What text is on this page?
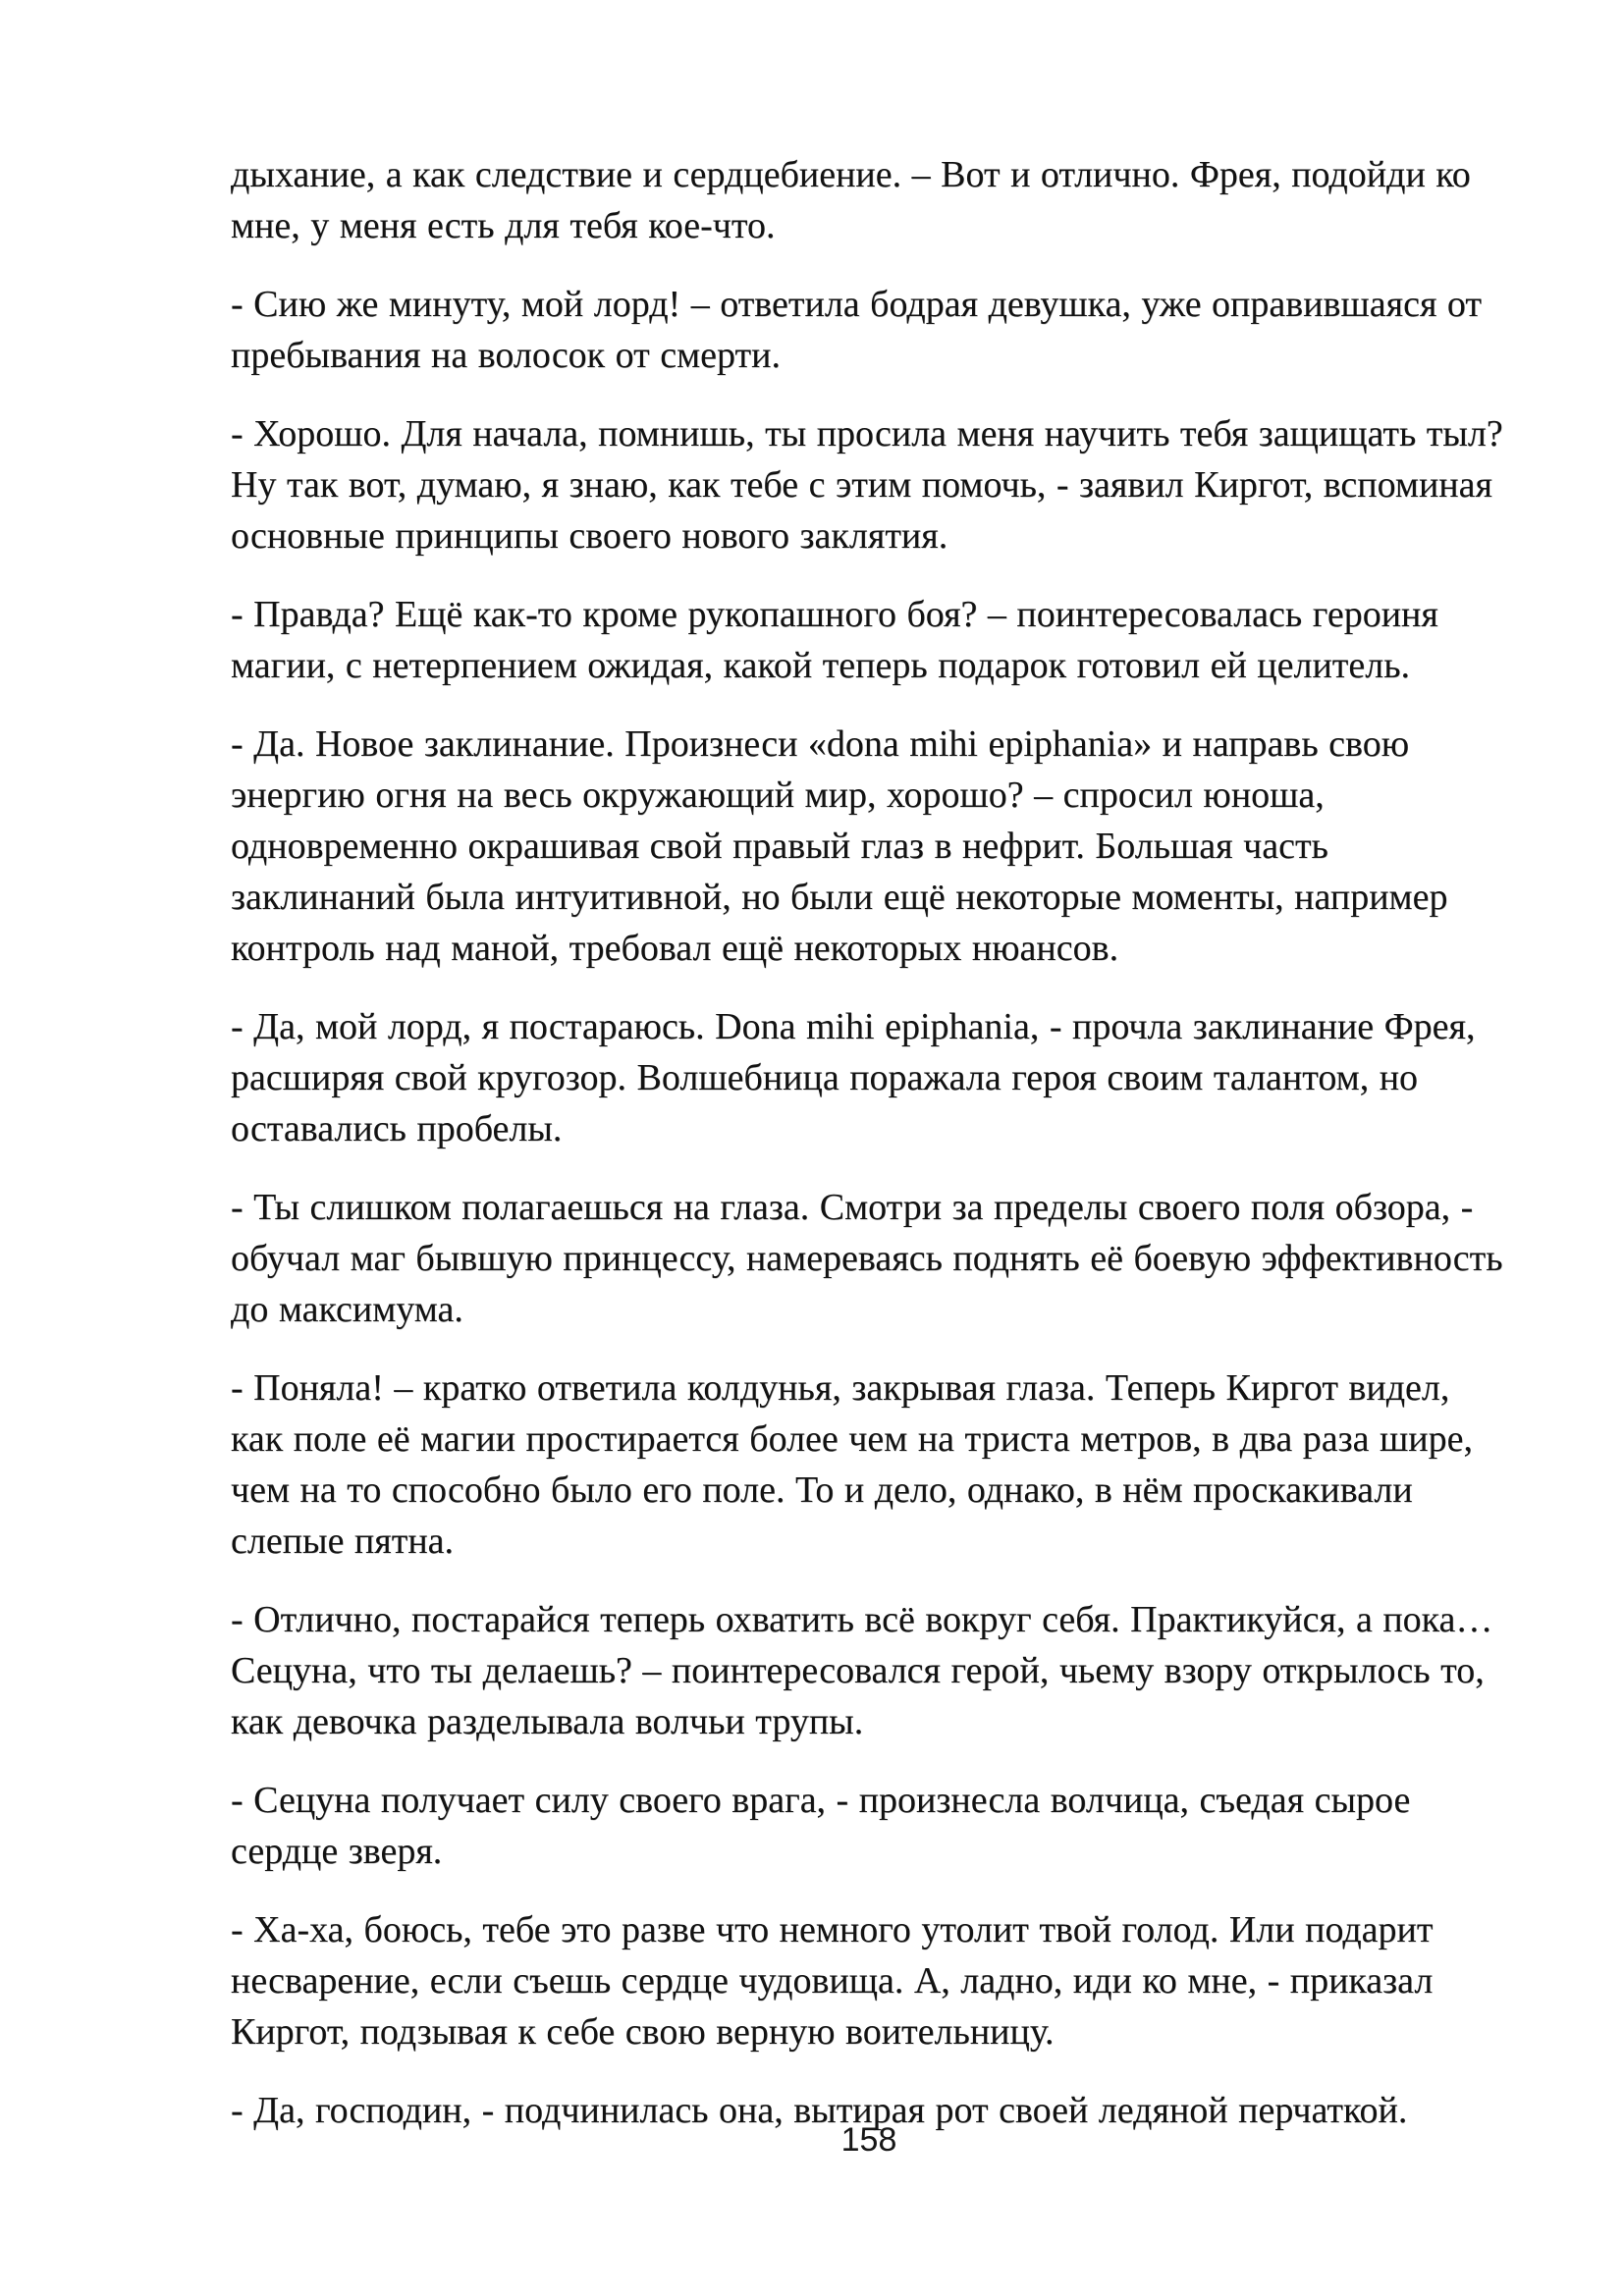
дыхание, а как следствие и сердцебиение. – Вот и отлично. Фрея, подойди ко мне, у меня есть для тебя кое-что.

- Сию же минуту, мой лорд! – ответила бодрая девушка, уже оправившаяся от пребывания на волосок от смерти.

- Хорошо. Для начала, помнишь, ты просила меня научить тебя защищать тыл? Ну так вот, думаю, я знаю, как тебе с этим помочь, - заявил Киргот, вспоминая основные принципы своего нового заклятия.

- Правда? Ещё как-то кроме рукопашного боя? – поинтересовалась героиня магии, с нетерпением ожидая, какой теперь подарок готовил ей целитель.

- Да. Новое заклинание. Произнеси «dona mihi epiphania» и направь свою энергию огня на весь окружающий мир, хорошо? – спросил юноша, одновременно окрашивая свой правый глаз в нефрит. Большая часть заклинаний была интуитивной, но были ещё некоторые моменты, например контроль над маной, требовал ещё некоторых нюансов.

- Да, мой лорд, я постараюсь. Dona mihi epiphania, - прочла заклинание Фрея, расширяя свой кругозор. Волшебница поражала героя своим талантом, но оставались пробелы.

- Ты слишком полагаешься на глаза. Смотри за пределы своего поля обзора, - обучал маг бывшую принцессу, намереваясь поднять её боевую эффективность до максимума.

- Поняла! – кратко ответила колдунья, закрывая глаза. Теперь Киргот видел, как поле её магии простирается более чем на триста метров, в два раза шире, чем на то способно было его поле. То и дело, однако, в нём проскакивали слепые пятна.

- Отлично, постарайся теперь охватить всё вокруг себя. Практикуйся, а пока… Сецуна, что ты делаешь? – поинтересовался герой, чьему взору открылось то, как девочка разделывала волчьи трупы.

- Сецуна получает силу своего врага, - произнесла волчица, съедая сырое сердце зверя.

- Ха-ха, боюсь, тебе это разве что немного утолит твой голод. Или подарит несварение, если съешь сердце чудовища. А, ладно, иди ко мне, - приказал Киргот, подзывая к себе свою верную воительницу.

- Да, господин, - подчинилась она, вытирая рот своей ледяной перчаткой.

158
